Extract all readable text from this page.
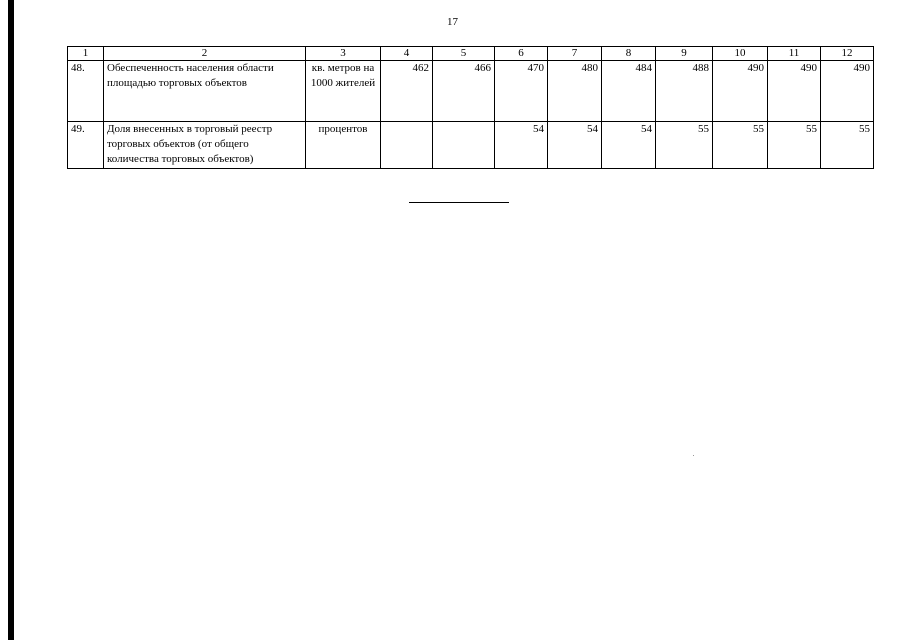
17
1	2	3	4	5	6	7	8	9	10	11	12
48.	Обеспеченность населения области площадью торговых объектов	кв. метров на 1000 жителей	462	466	470	480	484	488	490	490	490
49.	Доля внесенных в торговый реестр торговых объектов (от общего количества торговых объектов)	процентов			54	54	54	55	55	55	55
